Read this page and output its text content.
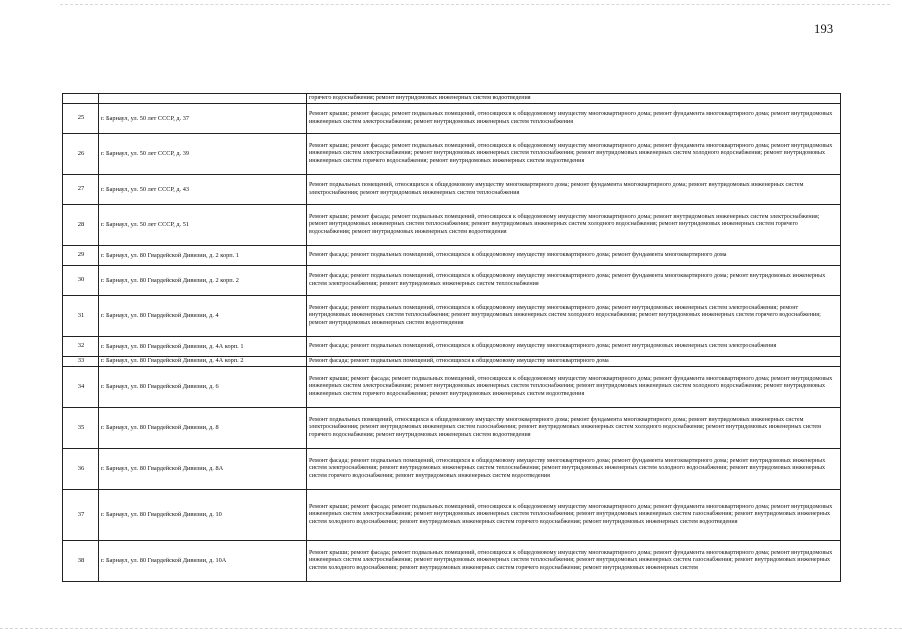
193
		горячего водоснабжения; ремонт внутридомовых инженерных систем водоотведения
25	г. Барнаул, ул. 50 лет СССР, д. 37	Ремонт крыши; ремонт фасада; ремонт подвальных помещений, относящихся к общедомовому имуществу многоквартирного дома; ремонт фундамента многоквартирного дома; ремонт внутридомовых инженерных систем электроснабжения; ремонт внутридомовых инженерных систем теплоснабжения
26	г. Барнаул, ул. 50 лет СССР, д. 39	Ремонт крыши; ремонт фасада; ремонт подвальных помещений, относящихся к общедомовому имуществу многоквартирного дома; ремонт фундамента многоквартирного дома; ремонт внутридомовых инженерных систем электроснабжения; ремонт внутридомовых инженерных систем теплоснабжения; ремонт внутридомовых инженерных систем холодного водоснабжения; ремонт внутридомовых инженерных систем горячего водоснабжения; ремонт внутридомовых инженерных систем водоотведения
27	г. Барнаул, ул. 50 лет СССР, д. 43	Ремонт подвальных помещений, относящихся к общедомовому имуществу многоквартирного дома; ремонт фундамента многоквартирного дома; ремонт внутридомовых инженерных систем электроснабжения; ремонт внутридомовых инженерных систем теплоснабжения
28	г. Барнаул, ул. 50 лет СССР, д. 51	Ремонт крыши; ремонт фасада; ремонт подвальных помещений, относящихся к общедомовому имуществу многоквартирного дома; ремонт внутридомовых инженерных систем электроснабжения; ремонт внутридомовых инженерных систем теплоснабжения; ремонт внутридомовых инженерных систем холодного водоснабжения; ремонт внутридомовых инженерных систем горячего водоснабжения; ремонт внутридомовых инженерных систем водоотведения
29	г. Барнаул, ул. 80 Гвардейской Дивизии, д. 2 корп. 1	Ремонт фасада; ремонт подвальных помещений, относящихся к общедомовому имуществу многоквартирного дома; ремонт фундамента многоквартирного дома
30	г. Барнаул, ул. 80 Гвардейской Дивизии, д. 2 корп. 2	Ремонт фасада; ремонт подвальных помещений, относящихся к общедомовому имуществу многоквартирного дома; ремонт фундамента многоквартирного дома; ремонт внутридомовых инженерных систем электроснабжения; ремонт внутридомовых инженерных систем теплоснабжения
31	г. Барнаул, ул. 80 Гвардейской Дивизии, д. 4	Ремонт фасада; ремонт подвальных помещений, относящихся к общедомовому имуществу многоквартирного дома; ремонт внутридомовых инженерных систем электроснабжения; ремонт внутридомовых инженерных систем теплоснабжения; ремонт внутридомовых инженерных систем холодного водоснабжения; ремонт внутридомовых инженерных систем горячего водоснабжения; ремонт внутридомовых инженерных систем водоотведения
32	г. Барнаул, ул. 80 Гвардейской Дивизии, д. 4А корп. 1	Ремонт фасада; ремонт подвальных помещений, относящихся к общедомовому имуществу многоквартирного дома; ремонт внутридомовых инженерных систем электроснабжения
33	г. Барнаул, ул. 80 Гвардейской Дивизии, д. 4А корп. 2	Ремонт фасада; ремонт подвальных помещений, относящихся к общедомовому имуществу многоквартирного дома
34	г. Барнаул, ул. 80 Гвардейской Дивизии, д. 6	Ремонт крыши; ремонт фасада; ремонт подвальных помещений, относящихся к общедомовому имуществу многоквартирного дома; ремонт фундамента многоквартирного дома; ремонт внутридомовых инженерных систем электроснабжения; ремонт внутридомовых инженерных систем теплоснабжения; ремонт внутридомовых инженерных систем холодного водоснабжения; ремонт внутридомовых инженерных систем горячего водоснабжения; ремонт внутридомовых инженерных систем водоотведения
35	г. Барнаул, ул. 80 Гвардейской Дивизии, д. 8	Ремонт подвальных помещений, относящихся к общедомовому имуществу многоквартирного дома; ремонт фундамента многоквартирного дома; ремонт внутридомовых инженерных систем электроснабжения; ремонт внутридомовых инженерных систем газоснабжения; ремонт внутридомовых инженерных систем холодного водоснабжения; ремонт внутридомовых инженерных систем горячего водоснабжения; ремонт внутридомовых инженерных систем водоотведения
36	г. Барнаул, ул. 80 Гвардейской Дивизии, д. 8А	Ремонт фасада; ремонт подвальных помещений, относящихся к общедомовому имуществу многоквартирного дома; ремонт фундамента многоквартирного дома; ремонт внутридомовых инженерных систем электроснабжения; ремонт внутридомовых инженерных систем теплоснабжения; ремонт внутридомовых инженерных систем холодного водоснабжения; ремонт внутридомовых инженерных систем горячего водоснабжения; ремонт внутридомовых инженерных систем водоотведения
37	г. Барнаул, ул. 80 Гвардейской Дивизии, д. 10	Ремонт крыши; ремонт фасада; ремонт подвальных помещений, относящихся к общедомовому имуществу многоквартирного дома; ремонт фундамента многоквартирного дома; ремонт внутридомовых инженерных систем электроснабжения; ремонт внутридомовых инженерных систем теплоснабжения; ремонт внутридомовых инженерных систем газоснабжения; ремонт внутридомовых инженерных систем холодного водоснабжения; ремонт внутридомовых инженерных систем горячего водоснабжения; ремонт внутридомовых инженерных систем водоотведения
38	г. Барнаул, ул. 80 Гвардейской Дивизии, д. 10А	Ремонт крыши; ремонт фасада; ремонт подвальных помещений, относящихся к общедомовому имуществу многоквартирного дома; ремонт фундамента многоквартирного дома; ремонт внутридомовых инженерных систем электроснабжения; ремонт внутридомовых инженерных систем теплоснабжения; ремонт внутридомовых инженерных систем газоснабжения; ремонт внутридомовых инженерных систем холодного водоснабжения; ремонт внутридомовых инженерных систем горячего водоснабжения; ремонт внутридомовых инженерных систем
